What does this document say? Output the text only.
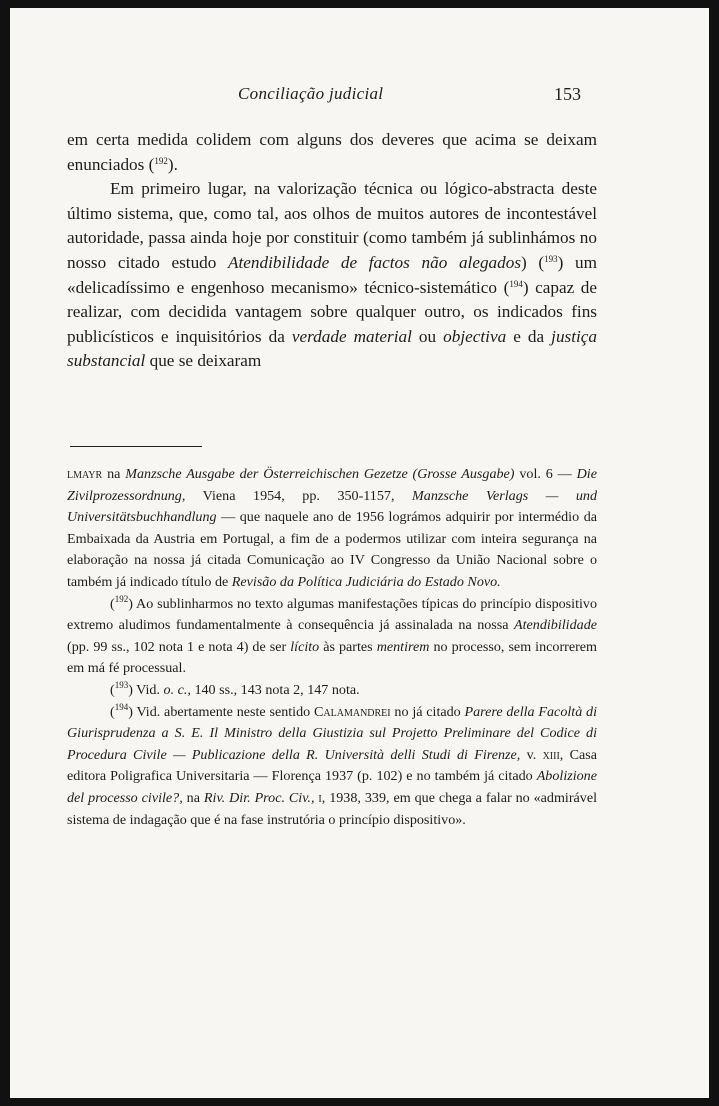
Conciliação judicial	153

em certa medida colidem com alguns dos deveres que acima se deixam enunciados ($^{192}$).

Em primeiro lugar, na valorização técnica ou lógico-abstracta deste último sistema, que, como tal, aos olhos de muitos autores de incontestável autoridade, passa ainda hoje por constituir (como também já sublinhámos no nosso citado estudo Atendibilidade de factos não alegados) ($^{193}$) um «delicadíssimo e engenhoso mecanismo» técnico-sistemático ($^{194}$) capaz de realizar, com decidida vantagem sobre qualquer outro, os indicados fins publicísticos e inquisitórios da verdade material ou objectiva e da justiça substancial que se deixaram

lmayr na Manzsche Ausgabe der Österreichischen Gezetze (Grosse Ausgabe) vol. 6 — Die Zivilprozessordnung, Viena 1954, pp. 350-1157, Manzsche Verlags — und Universitätsbuchhandlung — que naquele ano de 1956 lográmos adquirir por intermédio da Embaixada da Austria em Portugal, a fim de a podermos utilizar com inteira segurança na elaboração na nossa já citada Comunicação ao IV Congresso da União Nacional sobre o também já indicado título de Revisão da Política Judiciária do Estado Novo.

($^{192}$) Ao sublinharmos no texto algumas manifestações típicas do princípio dispositivo extremo aludimos fundamentalmente à consequência já assinalada na nossa Atendibilidade (pp. 99 ss., 102 nota 1 e nota 4) de ser lícito às partes mentirem no processo, sem incorrerem em má fé processual.

($^{193}$) Vid. o. c., 140 ss., 143 nota 2, 147 nota.

($^{194}$) Vid. abertamente neste sentido Calamandrei no já citado Parere della Facoltà di Giurisprudenza a S. E. Il Ministro della Giustizia sul Projetto Preliminare del Codice di Procedura Civile — Publicazione della R. Università delli Studi di Firenze, v. xiii, Casa editora Poligrafica Universitaria — Florença 1937 (p. 102) e no também já citado Abolizione del processo civile?, na Riv. Dir. Proc. Civ., i, 1938, 339, em que chega a falar no «admirável sistema de indagação que é na fase instrutória o princípio dispositivo».
